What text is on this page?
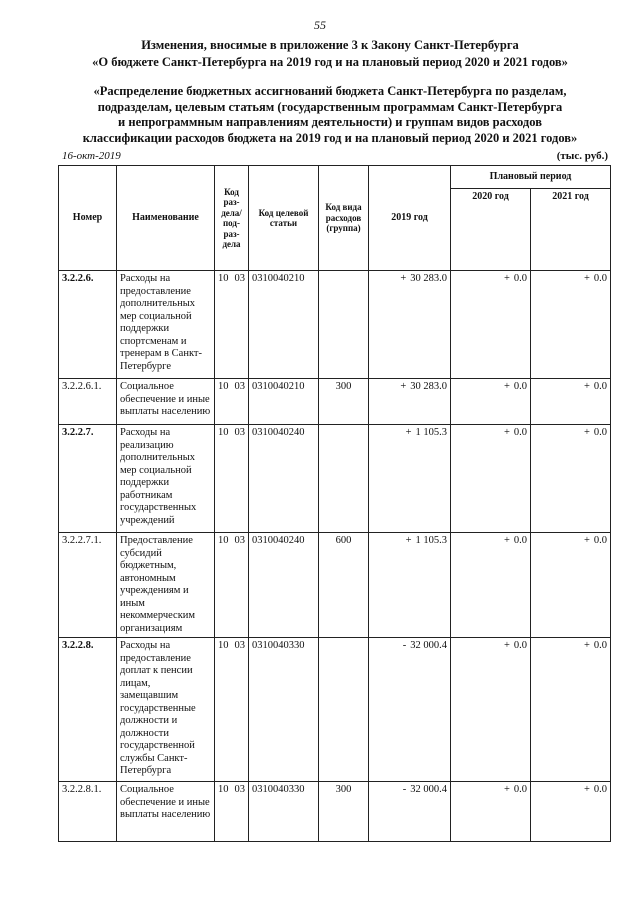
55
Изменения, вносимые в приложение 3 к Закону Санкт-Петербурга
«О бюджете Санкт-Петербурга на 2019 год и на плановый период 2020 и 2021 годов»
«Распределение бюджетных ассигнований бюджета Санкт-Петербурга по разделам,
подразделам, целевым статьям (государственным программам Санкт-Петербурга
и непрограммным направлениям деятельности) и группам видов расходов
классификации расходов бюджета на 2019 год и на плановый период 2020 и 2021 годов»
16-окт-2019	(тыс. руб.)
Номер	Наименование	Код раз- дела/ под- раз- дела	Код целевой статьи	Код вида расходов (группа)	2019 год	Плановый период	
						2020 год	2021 год
3.2.2.6.	Расходы на предоставление дополнительных мер социальной поддержки спортсменам и тренерам в Санкт-Петербурге	10 03	0310040210		+ 30 283.0	+ 0.0	+ 0.0
3.2.2.6.1.	Социальное обеспечение и иные выплаты населению	10 03	0310040210	300	+ 30 283.0	+ 0.0	+ 0.0
3.2.2.7.	Расходы на реализацию дополнительных мер социальной поддержки работникам государственных учреждений	10 03	0310040240		+ 1 105.3	+ 0.0	+ 0.0
3.2.2.7.1.	Предоставление субсидий бюджетным, автономным учреждениям и иным некоммерческим организациям	10 03	0310040240	600	+ 1 105.3	+ 0.0	+ 0.0
3.2.2.8.	Расходы на предоставление доплат к пенсии лицам, замещавшим государственные должности и должности государственной службы Санкт-Петербурга	10 03	0310040330		- 32 000.4	+ 0.0	+ 0.0
3.2.2.8.1.	Социальное обеспечение и иные выплаты населению	10 03	0310040330	300	- 32 000.4	+ 0.0	+ 0.0
